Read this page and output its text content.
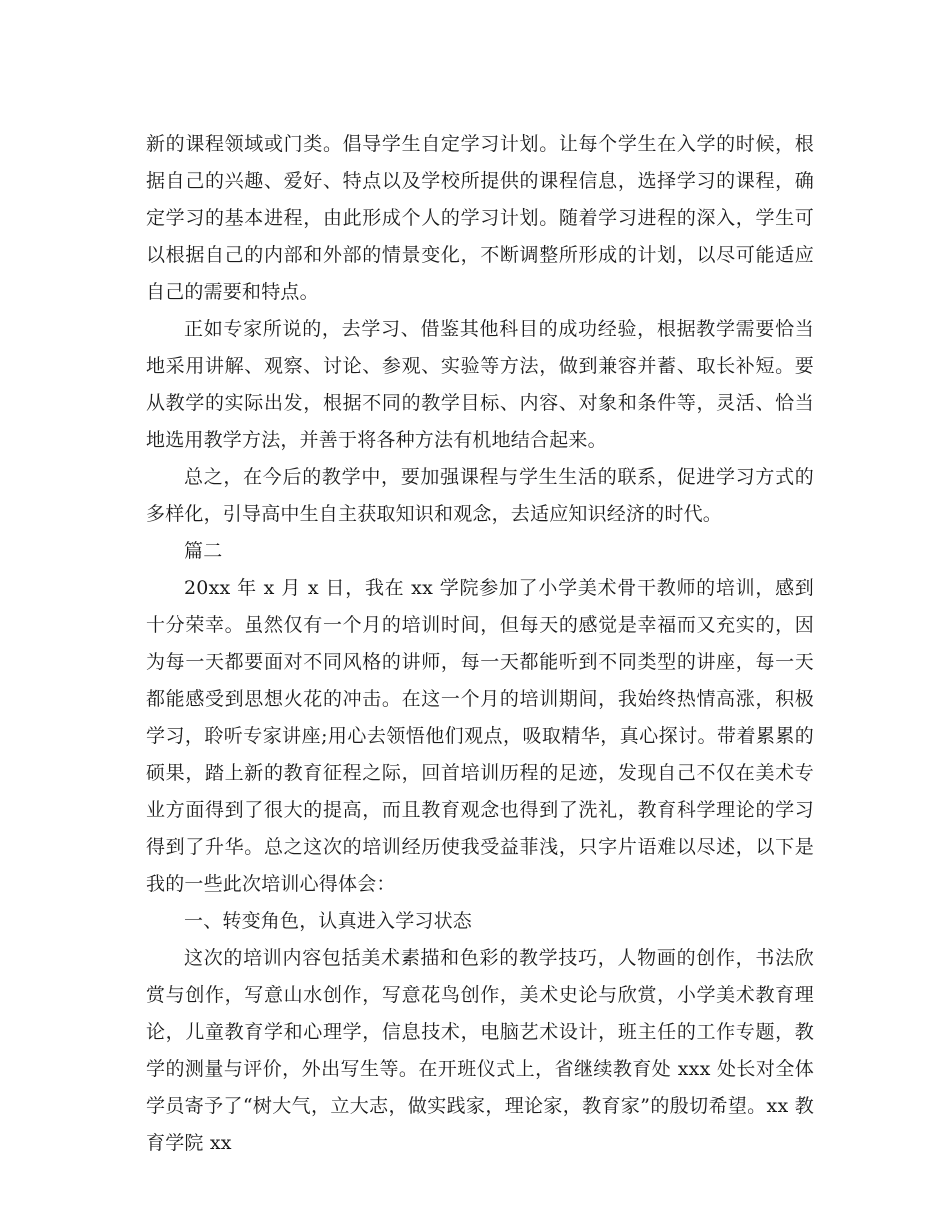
新的课程领域或门类。倡导学生自定学习计划。让每个学生在入学的时候，根据自己的兴趣、爱好、特点以及学校所提供的课程信息，选择学习的课程，确定学习的基本进程，由此形成个人的学习计划。随着学习进程的深入，学生可以根据自己的内部和外部的情景变化，不断调整所形成的计划，以尽可能适应自己的需要和特点。

正如专家所说的，去学习、借鉴其他科目的成功经验，根据教学需要恰当地采用讲解、观察、讨论、参观、实验等方法，做到兼容并蓄、取长补短。要从教学的实际出发，根据不同的教学目标、内容、对象和条件等，灵活、恰当地选用教学方法，并善于将各种方法有机地结合起来。

总之，在今后的教学中，要加强课程与学生生活的联系，促进学习方式的多样化，引导高中生自主获取知识和观念，去适应知识经济的时代。

篇二

20xx 年 x 月 x 日，我在 xx 学院参加了小学美术骨干教师的培训，感到十分荣幸。虽然仅有一个月的培训时间，但每天的感觉是幸福而又充实的，因为每一天都要面对不同风格的讲师，每一天都能听到不同类型的讲座，每一天都能感受到思想火花的冲击。在这一个月的培训期间，我始终热情高涨，积极学习，聆听专家讲座;用心去领悟他们观点，吸取精华，真心探讨。带着累累的硕果，踏上新的教育征程之际，回首培训历程的足迹，发现自己不仅在美术专业方面得到了很大的提高，而且教育观念也得到了洗礼，教育科学理论的学习得到了升华。总之这次的培训经历使我受益菲浅，只字片语难以尽述，以下是我的一些此次培训心得体会：

一、转变角色，认真进入学习状态

这次的培训内容包括美术素描和色彩的教学技巧，人物画的创作，书法欣赏与创作，写意山水创作，写意花鸟创作，美术史论与欣赏，小学美术教育理论，儿童教育学和心理学，信息技术，电脑艺术设计，班主任的工作专题，教学的测量与评价，外出写生等。在开班仪式上，省继续教育处 xxx 处长对全体学员寄予了“树大气，立大志，做实践家，理论家，教育家”的殷切希望。xx 教育学院 xx
